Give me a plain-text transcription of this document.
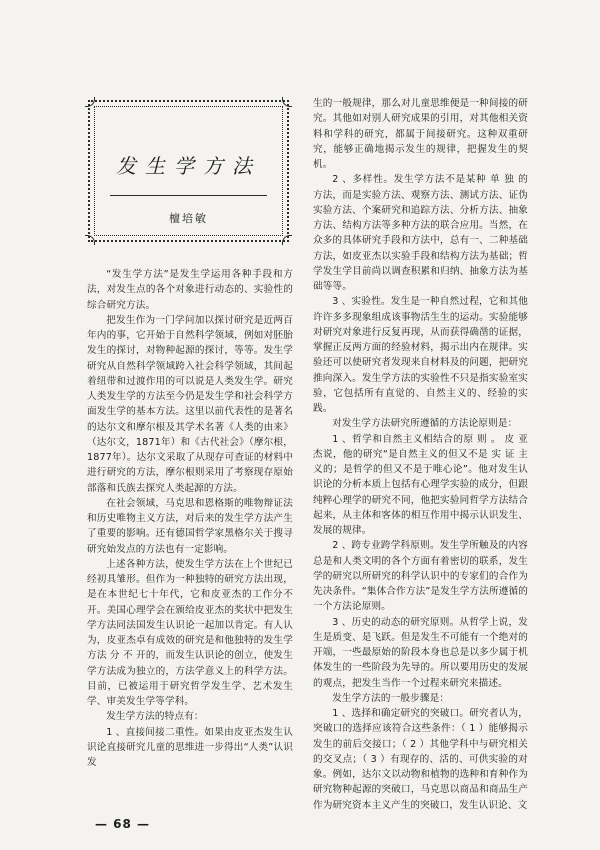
发生学方法
檀培敏

“发生学方法”是发生学运用各种手段和方法，对发生点的各个对象进行动态的、实验性的综合研究方法。

把发生作为一门学问加以探讨研究是近两百年内的事，它开始于自然科学领域，例如对胚胎发生的探讨，对物种起源的探讨，等等。发生学研究从自然科学领域跨入社会科学领域，其间起着纽带和过渡作用的可以说是人类发生学。研究人类发生学的方法至今仍是发生学和社会科学方面发生学的基本方法。这里以前代表性的是著名的达尔文和摩尔根及其学术名著《人类的由来》（达尔文，1871年）和《古代社会》（摩尔根，1877年）。达尔文采取了从现存可查证的材料中进行研究的方法，摩尔根则采用了考察现存原始部落和氏族去探究人类起源的方法。

在社会领域，马克思和恩格斯的唯物辩证法和历史唯物主义方法，对后来的发生学方法产生了重要的影响。还有德国哲学家黑格尔关于搜寻研究始发点的方法也有一定影响。

上述各种方法，使发生学方法在上个世纪已经初具雏形。但作为一种独特的研究方法出现，是在本世纪七十年代，它和皮亚杰的工作分不开。美国心理学会在颁给皮亚杰的奖状中把发生学方法同法国发生认识论一起加以肯定。有人认为，皮亚杰卓有成效的研究是和他独特的发生学方法 分 不 开的，而发生认识论的创立，使发生学方法成为独立的，方法学意义上的科学方法。目前，已被运用于研究哲学发生学、艺术发生学、审美发生学等学科。

发生学方法的特点有：

1 、直接间接二重性。如果由皮亚杰发生认识论直接研究儿童的思维进一步得出“人类”认识发

生的一般规律，那么对儿童思维便是一种间接的研究。其他如对别人研究成果的引用，对其他相关资料和学科的研究，都属于间接研究。这种双重研究，能够正确地揭示发生的规律，把握发生的契机。

2 、多样性。发生学方法不是某种 单 独 的 方法，而是实验方法、观察方法、测试方法、证伪实验方法、个案研究和追踪方法、分析方法、抽象方法、结构方法等多种方法的联合应用。当然，在众多的具体研究手段和方法中，总有一、二种基础方法，如皮亚杰以实验手段和结构方法为基础；哲学发生学目前尚以调查积累和归纳、抽象方法为基础等等。

3 、实验性。发生是一种自然过程，它和其他许许多多现象组成该事物活生生的运动。实验能够对研究对象进行反复再现，从而获得确凿的证据，掌握正反两方面的经验材料，揭示出内在规律。实验还可以使研究者发现来自材料及的问题，把研究推向深入。发生学方法的实验性不只是指实验室实验，它包括所有直觉的、自然主义的、经验的实践。

对发生学方法研究所遵循的方法论原则是：

1 、哲学和自然主义相结合的原 则 。 皮 亚 杰说，他的研究“是自然主义的但又不是 实 证 主 义的；是哲学的但又不是于唯心论”。他对发生认识论的分析本质上包括有心理学实验的成分，但跟纯粹心理学的研究不同，他把实验同哲学方法结合起来，从主体和客体的相互作用中揭示认识发生、发展的规律。

2 、跨专业跨学科原则。发生学所触及的内容总是和人类文明的各个方面有着密切的联系，发生学的研究以所研究的科学认识中的专家们的合作为先决条件。“集体合作方法”是发生学方法所遵循的一个方法论原则。

3 、历史的动态的研究原则。从哲学上说，发生是质变、是飞跃。但是发生不可能有一个绝对的开端，一些最原始的阶段本身也总是以多少属于机体发生的一些阶段为先导的。所以要用历史的发展的观点，把发生当作一个过程来研究来描述。

发生学方法的一般步骤是：

1 、选择和确定研究的突破口。研究者认为，突破口的选择应该符合这些条件：（ 1 ）能够揭示发生的前后交接口；（ 2 ）其他学科中与研究相关的交叉点；（ 3 ）有现存的、活的、可供实验的对象。例如，达尔文以动物和植物的选种和育种作为研究物种起源的突破口，马克思以商品和商品生产作为研究资本主义产生的突破口，发生认识论、文

— 68 —
